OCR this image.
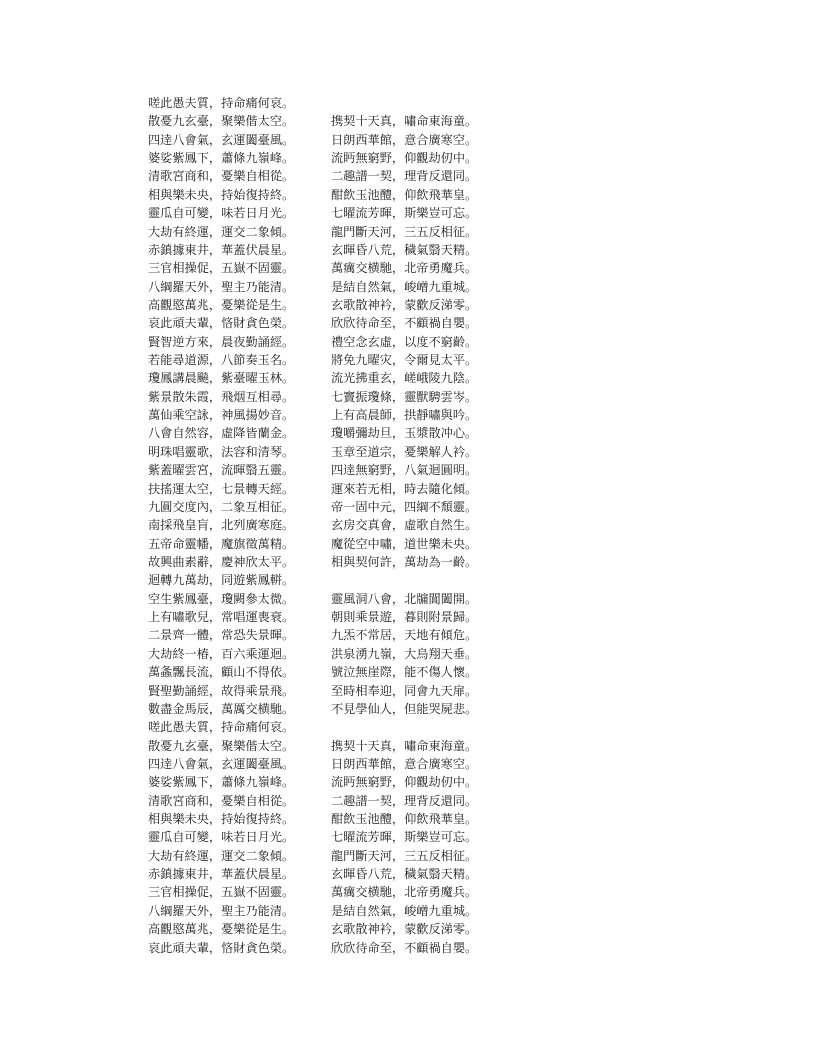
嗟此愚夫質，持命痛何哀。
散憂九玄臺，聚樂偕太空。	携契十天真，嘯命東海童。
四逹八會氣，玄運闔臺風。	日朗西華館，意合廣寒空。
婆娑紫鳳下，蕭條九嶺峰。	流眄無窮野，仰觀劫仞中。
清歌宮商和，憂樂自相從。	二趣譜一契，理背反還同。
相與樂未央，持始復持終。	酣飲玉池醴，仰飲飛華皇。
靈瓜自可變，味若日月光。	七曜流芳暉，斯樂豈可忘。
大劫有終運，運交二象傾。	龍門斷天河，三五反相征。
赤鎮據東井，華蓋伏晨星。	玄暉昏八荒，穢氣翳天精。
三官相操促，五嶽不固靈。	萬癘交横馳，北帝勇魔兵。
八綱羅天外，聖主乃能清。	是結自然氣，峻嶒九重城。
高觀愍萬兆，憂樂從是生。	玄歌散神衿，蒙歡反涕零。
哀此頑夫輩，悋財貪色榮。	欣欣待命至，不顧禍自嬰。
賢智逆方來，晨夜勤誦經。	禮空念玄虛，以度不窮齡。
若能尋道源，八節奏玉名。	將免九曜灾，令爾見太平。
瓊鳳講晨飈，紫臺曜玉林。	流光拂重玄，嵯峨陵九陰。
紫景散朱霞，飛烟互相尋。	七竇振瓊條，靈獸騁雲岑。
萬仙乘空詠，神風揚妙音。	上有高晨師，拱靜嘯與吟。
八會自然容，虛降皆蘭金。	瓊嚼彌劫旦，玉漿散冲心。
明珠唱靈歌，法容和清琴。	玉章至道宗，憂樂解人衿。
紫蓋曜雲宮，流暉翳五靈。	四逹無窮野，八氣迴圓明。
扶搖運太空，七景轉天經。	運來若无相，時去隨化傾。
九圓交度內，二象互相征。	帝一固中元，四綱不頹靈。
南採飛皇肓，北列廣寒庭。	玄房交真會，虛歌自然生。
五帝命靈幡，魔旗徵萬精。	魔從空中嘯，道世樂未央。
故興曲素辭，慶神欣太平。	相與契何許，萬劫為一齡。
迴轉九萬劫，同遊紫鳳軿。
空生紫鳳臺，瓊闕參太微。	靈風洞八會，北牖閶闔開。
上有嘯歌兒，常唱運喪衰。	朝則乘景遊，暮則附景歸。
二景齊一體，常恐失景暉。	九炁不常居，天地有傾危。
大劫終一椿，百六乘運迴。	洪泉湧九嶺，大烏翔天垂。
萬螽飄長流，顧山不得依。	號泣無崖際，能不傷人懷。
賢聖勤誦經，故得乘景飛。	至時相奉迎，同會九天扉。
數盡金馬辰，萬厲交横馳。	不見學仙人，但能哭屍悲。
嗟此愚夫質，持命痛何哀。
散憂九玄臺，聚樂偕太空。	携契十天真，嘯命東海童。
四逹八會氣，玄運闔臺風。	日朗西華館，意合廣寒空。
婆娑紫鳳下，蕭條九嶺峰。	流眄無窮野，仰觀劫仞中。
清歌宮商和，憂樂自相從。	二趣譜一契，理背反還同。
相與樂未央，持始復持終。	酣飲玉池醴，仰飲飛華皇。
靈瓜自可變，味若日月光。	七曜流芳暉，斯樂豈可忘。
大劫有終運，運交二象傾。	龍門斷天河，三五反相征。
赤鎮據東井，華蓋伏晨星。	玄暉昏八荒，穢氣翳天精。
三官相操促，五嶽不固靈。	萬癘交横馳，北帝勇魔兵。
八綱羅天外，聖主乃能清。	是結自然氣，峻嶒九重城。
高觀愍萬兆，憂樂從是生。	玄歌散神衿，蒙歡反涕零。
哀此頑夫輩，悋財貪色榮。	欣欣待命至，不顧禍自嬰。
